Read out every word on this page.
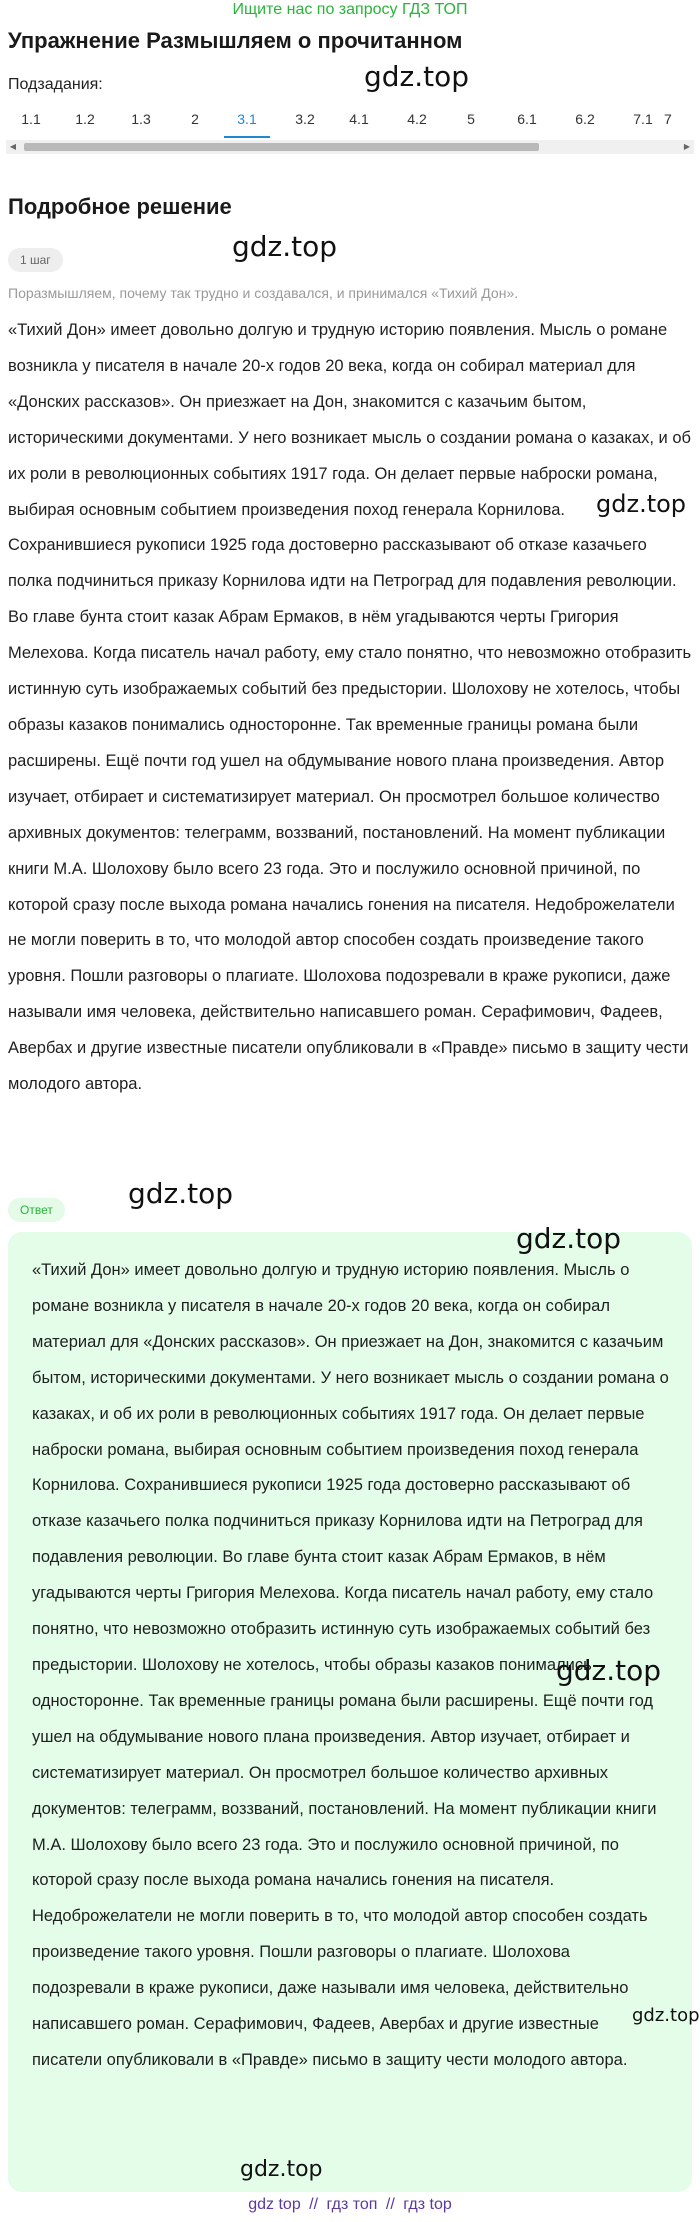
Ищите нас по запросу ГДЗ ТОП
Упражнение Размышляем о прочитанном
Подзадания:
1.1	1.2	1.3	2	3.1	3.2	4.1	4.2	5	6.1	6.2	7.1 7
◀	▶
Подробное решение
1 шаг

Поразмышляем, почему так трудно и создавался, и принимался «Тихий Дон».

«Тихий Дон» имеет довольно долгую и трудную историю появления. Мысль о романе возникла у писателя в начале 20-х годов 20 века, когда он собирал материал для «Донских рассказов». Он приезжает на Дон, знакомится с казачьим бытом, историческими документами. У него возникает мысль о создании романа о казаках, и об их роли в революционных событиях 1917 года. Он делает первые наброски романа, выбирая основным событием произведения поход генерала Корнилова. Сохранившиеся рукописи 1925 года достоверно рассказывают об отказе казачьего полка подчиниться приказу Корнилова идти на Петроград для подавления революции. Во главе бунта стоит казак Абрам Ермаков, в нём угадываются черты Григория Мелехова. Когда писатель начал работу, ему стало понятно, что невозможно отобразить истинную суть изображаемых событий без предыстории. Шолохову не хотелось, чтобы образы казаков понимались односторонне. Так временные границы романа были расширены. Ещё почти год ушел на обдумывание нового плана произведения. Автор изучает, отбирает и систематизирует материал. Он просмотрел большое количество архивных документов: телеграмм, воззваний, постановлений. На момент публикации книги М.А. Шолохову было всего 23 года. Это и послужило основной причиной, по которой сразу после выхода романа начались гонения на писателя. Недоброжелатели не могли поверить в то, что молодой автор способен создать произведение такого уровня. Пошли разговоры о плагиате. Шолохова подозревали в краже рукописи, даже называли имя человека, действительно написавшего роман. Серафимович, Фадеев, Авербах и другие известные писатели опубликовали в «Правде» письмо в защиту чести молодого автора.

Ответ

«Тихий Дон» имеет довольно долгую и трудную историю появления. Мысль о романе возникла у писателя в начале 20-х годов 20 века, когда он собирал материал для «Донских рассказов». Он приезжает на Дон, знакомится с казачьим бытом, историческими документами. У него возникает мысль о создании романа о казаках, и об их роли в революционных событиях 1917 года. Он делает первые наброски романа, выбирая основным событием произведения поход генерала Корнилова. Сохранившиеся рукописи 1925 года достоверно рассказывают об отказе казачьего полка подчиниться приказу Корнилова идти на Петроград для подавления революции. Во главе бунта стоит казак Абрам Ермаков, в нём угадываются черты Григория Мелехова. Когда писатель начал работу, ему стало понятно, что невозможно отобразить истинную суть изображаемых событий без предыстории. Шолохову не хотелось, чтобы образы казаков понимались односторонне. Так временные границы романа были расширены. Ещё почти год ушел на обдумывание нового плана произведения. Автор изучает, отбирает и систематизирует материал. Он просмотрел большое количество архивных документов: телеграмм, воззваний, постановлений. На момент публикации книги М.А. Шолохову было всего 23 года. Это и послужило основной причиной, по которой сразу после выхода романа начались гонения на писателя. Недоброжелатели не могли поверить в то, что молодой автор способен создать произведение такого уровня. Пошли разговоры о плагиате. Шолохова подозревали в краже рукописи, даже называли имя человека, действительно написавшего роман. Серафимович, Фадеев, Авербах и другие известные писатели опубликовали в «Правде» письмо в защиту чести молодого автора.

gdz.top
gdz.top
gdz.top
gdz.top
gdz.top
gdz.top
gdz.top
gdz.top
gdz top // гдз топ // гдз top
